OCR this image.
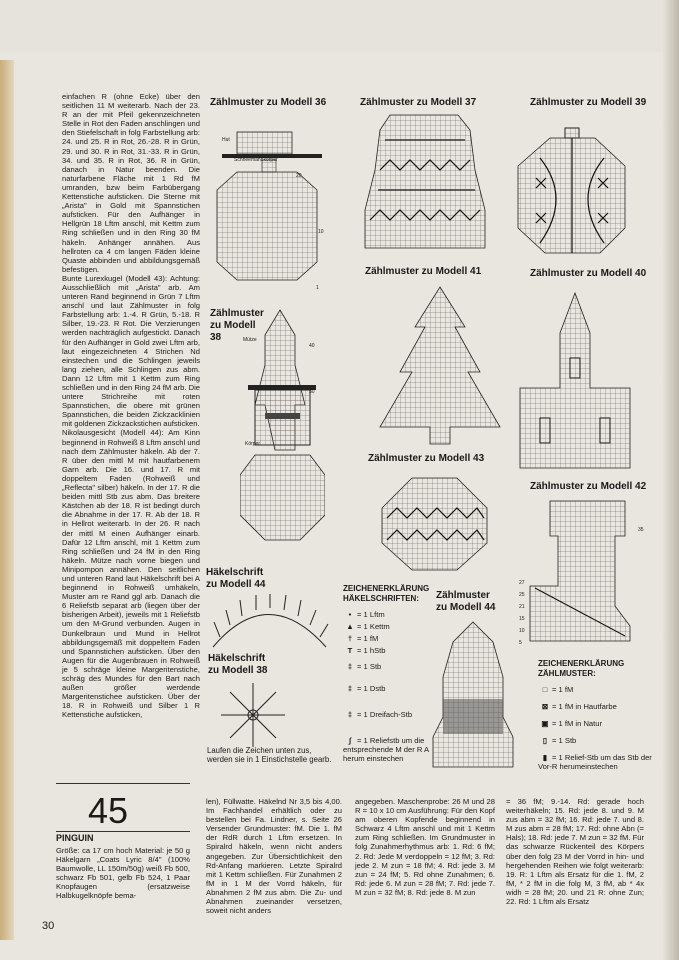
einfachen R (ohne Ecke) über den seitlichen 11 M weiterarb. Nach der 23. R an der mit Pfeil gekennzeichneten Stelle in Rot den Faden anschlingen und den Stiefelschaft in folg Farbstellung arb: 24. und 25. R in Rot, 26.-28. R in Grün, 29. und 30. R in Rot, 31.-33. R in Grün, 34. und 35. R in Rot, 36. R in Grün, danach in Natur beenden. Die naturfarbene Fläche mit 1 Rd fM umranden, bzw beim Farbübergang Kettenstiche aufsticken. Die Sterne mit „Arista" in Gold mit Spannstichen aufsticken. Für den Aufhänger in Hellgrün 18 Lftm anschl, mit Kettm zum Ring schließen und in den Ring 30 fM häkeln. Anhänger annähen. Aus hellroten ca 4 cm langen Fäden kleine Quaste abbinden und abbildungsgemäß befestigen.

Bunte Lurexkugel (Modell 43): Achtung: Ausschließlich mit „Arista" arb. Am unteren Rand beginnend in Grün 7 Lftm anschl und laut Zählmuster in folg Farbstellung arb: 1.-4. R Grün, 5.-18. R Silber, 19.-23. R Rot. Die Verzierungen werden nachträglich aufgestickt. Danach für den Aufhänger in Gold zwei Lftm arb, laut eingezeichneten 4 Strichen Nd einstechen und die Schlingen jeweils lang ziehen, alle Schlingen zus abm. Dann 12 Lftm mit 1 Kettm zum Ring schließen und in den Ring 24 fM arb. Die untere Strichreihe mit roten Spannstichen, die obere mit grünen Spannstichen, die beiden Zickzacklinien mit goldenen Zickzackstichen aufsticken.

Nikolausgesicht (Modell 44): Am Kinn beginnend in Rohweiß 8 Lftm anschl und nach dem Zählmuster häkeln. Ab der 7. R über den mittl M mit hautfarbenem Garn arb. Die 16. und 17. R mit doppeltem Faden (Rohweiß und „Reflecta" silber) häkeln. In der 17. R die beiden mittl Stb zus abm. Das breitere Kästchen ab der 18. R ist bedingt durch die Abnahme in der 17. R. Ab der 18. R in Hellrot weiterarb. In der 26. R nach der mittl M einen Aufhänger einarb. Dafür 12 Lftm anschl, mit 1 Kettm zum Ring schließen und 24 fM in den Ring häkeln. Mütze nach vorne biegen und Minipompon annähen. Den seitlichen und unteren Rand laut Häkelschrift bei A beginnend in Rohweiß umhäkeln, Muster am re Rand ggl arb. Danach die 6 Reliefstb separat arb (liegen über der bisherigen Arbeit), jeweils mit 1 Reliefstb um den M-Grund verbunden. Augen in Dunkelbraun und Mund in Hellrot abbildungsgemäß mit doppeltem Faden und Spannstichen aufsticken. Über den Augen für die Augenbrauen in Rohweiß je 5 schräge kleine Margeritenstiche, schräg des Mundes für den Bart nach außen größer werdende Margeritenstichee aufsticken. Über der 18. R in Rohweiß und Silber 1 R Kettenstiche aufsticken,

Zählmuster zu Modell 36	Zählmuster zu Modell 37	Zählmuster zu Modell 39
Zählmuster zu Modell 41	Zählmuster zu Modell 40
Zählmuster
zu Modell
38
Zählmuster zu Modell 43
Zählmuster zu Modell 42
Häkelschrift
zu Modell 44
Häkelschrift
zu Modell 38
Zählmuster
zu Modell 44
Hut
Schneemannkörper
20
10
1
Mütze
Körper
40
30
27
25
21
15
10
5
35
Laufen die Zeichen unten zus, werden sie in 1 Einstichstelle gearb.
ZEICHENERKLÄRUNG
HÄKELSCHRIFTEN:
• = 1 Lftm
▲ = 1 Kettm
† = 1 fM
T = 1 hStb
‡ = 1 Stb
‡ = 1 Dstb
‡ = 1 Dreifach-Stb
∫ = 1 Reliefstb um die entsprechende M der R A herum einstechen
ZEICHENERKLÄRUNG
ZÄHLMUSTER:
□ = 1 fM
⊠ = 1 fM in Hautfarbe
▣ = 1 fM in Natur
▯ = 1 Stb
▮ = 1 Relief-Stb um das Stb der Vor-R herumeinstechen
45
PINGUIN

Größe: ca 17 cm hoch Material: je 50 g Häkelgarn „Coats Lyric 8/4" (100% Baumwolle, LL 150m/50g) weiß Fb 500, schwarz Fb 501, gelb Fb 524, 1 Paar Knopfaugen (ersatzweise Halbkugelknöpfe bema-

len), Füllwatte. Häkelnd Nr 3,5 bis 4,00. Im Fachhandel erhältlich oder zu bestellen bei Fa. Lindner, s. Seite 26 Versender Grundmuster: fM. Die 1. fM der RdR durch 1 Lftm ersetzen. In Spiralrd häkeln, wenn nicht anders angegeben. Zur Übersichtlichkeit den Rd-Anfang markieren. Letzte Spiralrd mit 1 Kettm schließen. Für Zunahmen 2 fM in 1 M der Vorrd häkeln, für Abnahmen 2 fM zus abm. Die Zu- und Abnahmen zueinander versetzen, soweit nicht anders

angegeben. Maschenprobe: 26 M und 28 R = 10 x 10 cm Ausführung: Für den Kopf am oberen Kopfende beginnend in Schwarz 4 Lftm anschl und mit 1 Kettm zum Ring schließen. Im Grundmuster in folg Zunahmerhythmus arb: 1. Rd: 6 fM; 2. Rd: Jede M verdoppeln = 12 fM; 3. Rd: jede 2. M zun = 18 fM; 4. Rd: jede 3. M zun = 24 fM; 5. Rd ohne Zunahmen; 6. Rd: jede 6. M zun = 28 fM; 7. Rd: jede 7. M zun = 32 fM; 8. Rd: jede 8. M zun

= 36 fM; 9.-14. Rd: gerade hoch weiterhäkeln; 15. Rd: jede 8. und 9. M zus abm = 32 fM; 16. Rd: jede 7. und 8. M zus abm = 28 fM; 17. Rd: ohne Abn (= Hals); 18. Rd: jede 7. M zun = 32 fM. Für das schwarze Rückenteil des Körpers über den folg 23 M der Vorrd in hin- und hergehenden Reihen wie folgt weiterarb: 19. R: 1 Lftm als Ersatz für die 1. fM, 2 fM, * 2 fM in die folg M, 3 fM, ab * 4x widh = 28 fM; 20. und 21 R: ohne Zun; 22. Rd: 1 Lftm als Ersatz

30
